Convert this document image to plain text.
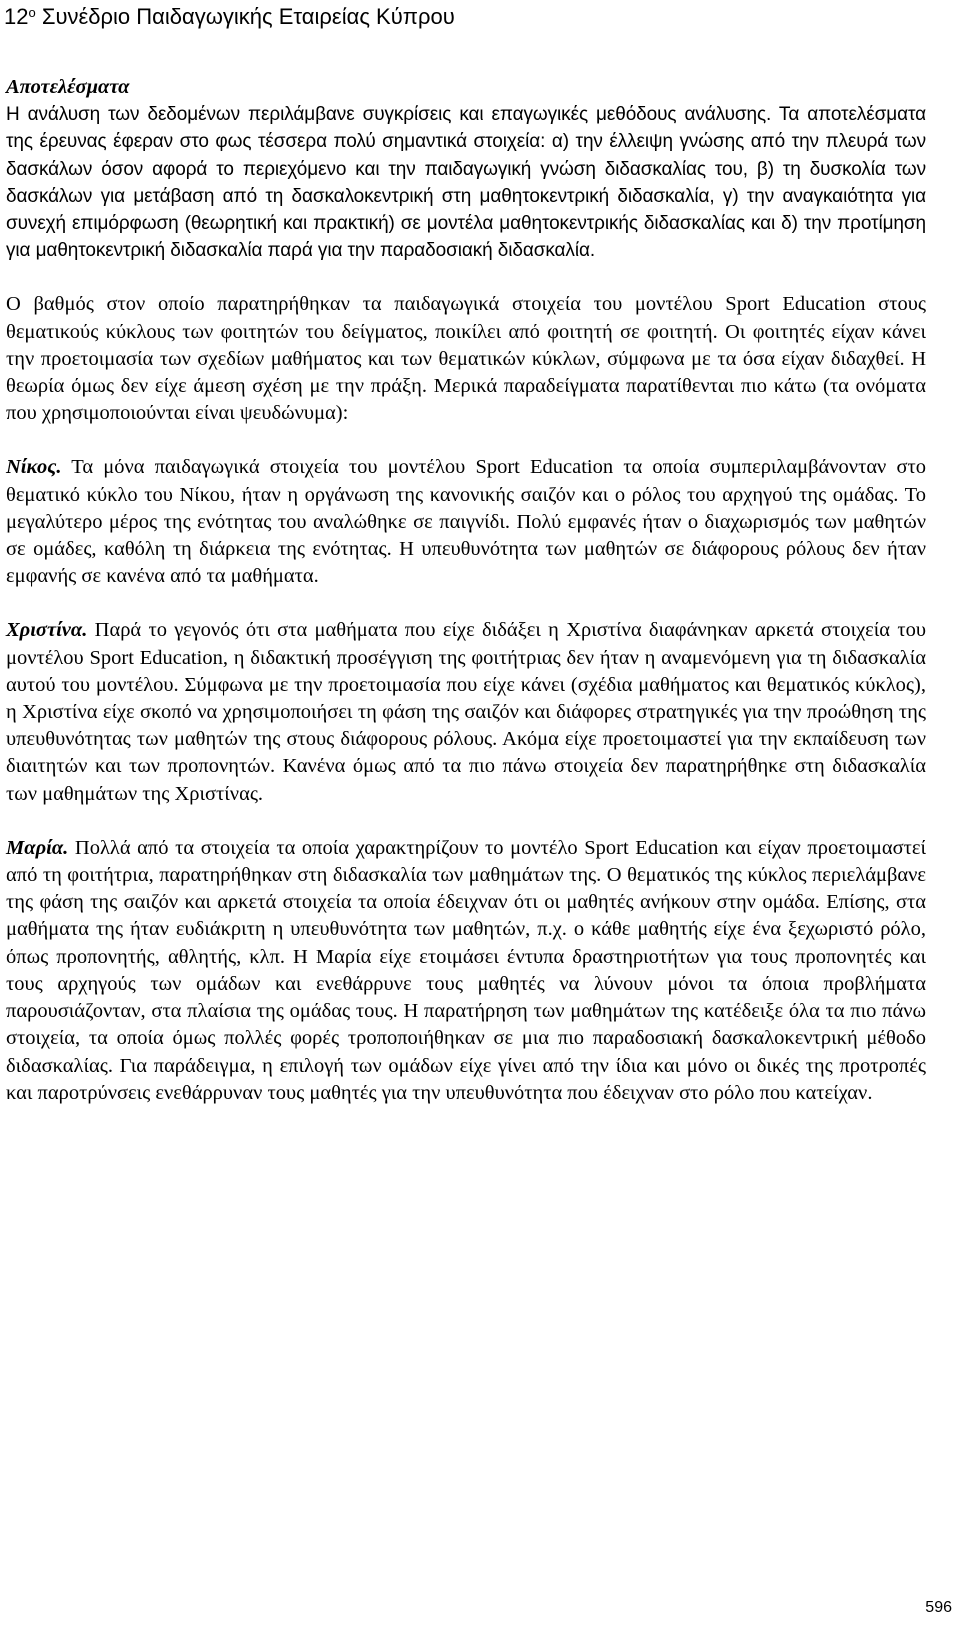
$12^o$ Συνέδριο Παιδαγωγικής Εταιρείας Κύπρου
Αποτελέσματα

Η ανάλυση των δεδομένων περιλάμβανε συγκρίσεις και επαγωγικές μεθόδους ανάλυσης. Τα αποτελέσματα της έρευνας έφεραν στο φως τέσσερα πολύ σημαντικά στοιχεία: α) την έλλειψη γνώσης από την πλευρά των δασκάλων όσον αφορά το περιεχόμενο και την παιδαγωγική γνώση διδασκαλίας του, β) τη δυσκολία των δασκάλων για μετάβαση από τη δασκαλοκεντρική στη μαθητοκεντρική διδασκαλία, γ) την αναγκαιότητα για συνεχή επιμόρφωση (θεωρητική και πρακτική) σε μοντέλα μαθητοκεντρικής διδασκαλίας και δ) την προτίμηση για μαθητοκεντρική διδασκαλία παρά για την παραδοσιακή διδασκαλία.

Ο βαθμός στον οποίο παρατηρήθηκαν τα παιδαγωγικά στοιχεία του μοντέλου Sport Education στους θεματικούς κύκλους των φοιτητών του δείγματος, ποικίλει από φοιτητή σε φοιτητή. Οι φοιτητές είχαν κάνει την προετοιμασία των σχεδίων μαθήματος και των θεματικών κύκλων, σύμφωνα με τα όσα είχαν διδαχθεί. Η θεωρία όμως δεν είχε άμεση σχέση με την πράξη. Μερικά παραδείγματα παρατίθενται πιο κάτω (τα ονόματα που χρησιμοποιούνται είναι ψευδώνυμα):

Νίκος. Τα μόνα παιδαγωγικά στοιχεία του μοντέλου Sport Education τα οποία συμπεριλαμβάνονταν στο θεματικό κύκλο του Νίκου, ήταν η οργάνωση της κανονικής σαιζόν και ο ρόλος του αρχηγού της ομάδας. Το μεγαλύτερο μέρος της ενότητας του αναλώθηκε σε παιγνίδι. Πολύ εμφανές ήταν ο διαχωρισμός των μαθητών σε ομάδες, καθόλη τη διάρκεια της ενότητας. Η υπευθυνότητα των μαθητών σε διάφορους ρόλους δεν ήταν εμφανής σε κανένα από τα μαθήματα.

Χριστίνα. Παρά το γεγονός ότι στα μαθήματα που είχε διδάξει η Χριστίνα διαφάνηκαν αρκετά στοιχεία του μοντέλου Sport Education, η διδακτική προσέγγιση της φοιτήτριας δεν ήταν η αναμενόμενη για τη διδασκαλία αυτού του μοντέλου. Σύμφωνα με την προετοιμασία που είχε κάνει (σχέδια μαθήματος και θεματικός κύκλος), η Χριστίνα είχε σκοπό να χρησιμοποιήσει τη φάση της σαιζόν και διάφορες στρατηγικές για την προώθηση της υπευθυνότητας των μαθητών της στους διάφορους ρόλους. Ακόμα είχε προετοιμαστεί για την εκπαίδευση των διαιτητών και των προπονητών. Κανένα όμως από τα πιο πάνω στοιχεία δεν παρατηρήθηκε στη διδασκαλία των μαθημάτων της Χριστίνας.

Μαρία. Πολλά από τα στοιχεία τα οποία χαρακτηρίζουν το μοντέλο Sport Education και είχαν προετοιμαστεί από τη φοιτήτρια, παρατηρήθηκαν στη διδασκαλία των μαθημάτων της. Ο θεματικός της κύκλος περιελάμβανε της φάση της σαιζόν και αρκετά στοιχεία τα οποία έδειχναν ότι οι μαθητές ανήκουν στην ομάδα. Επίσης, στα μαθήματα της ήταν ευδιάκριτη η υπευθυνότητα των μαθητών, π.χ. ο κάθε μαθητής είχε ένα ξεχωριστό ρόλο, όπως προπονητής, αθλητής, κλπ. Η Μαρία είχε ετοιμάσει έντυπα δραστηριοτήτων για τους προπονητές και τους αρχηγούς των ομάδων και ενεθάρρυνε τους μαθητές να λύνουν μόνοι τα όποια προβλήματα παρουσιάζονταν, στα πλαίσια της ομάδας τους. Η παρατήρηση των μαθημάτων της κατέδειξε όλα τα πιο πάνω στοιχεία, τα οποία όμως πολλές φορές τροποποιήθηκαν σε μια πιο παραδοσιακή δασκαλοκεντρική μέθοδο διδασκαλίας. Για παράδειγμα, η επιλογή των ομάδων είχε γίνει από την ίδια και μόνο οι δικές της προτροπές και παροτρύνσεις ενεθάρρυναν τους μαθητές για την υπευθυνότητα που έδειχναν στο ρόλο που κατείχαν.

596
